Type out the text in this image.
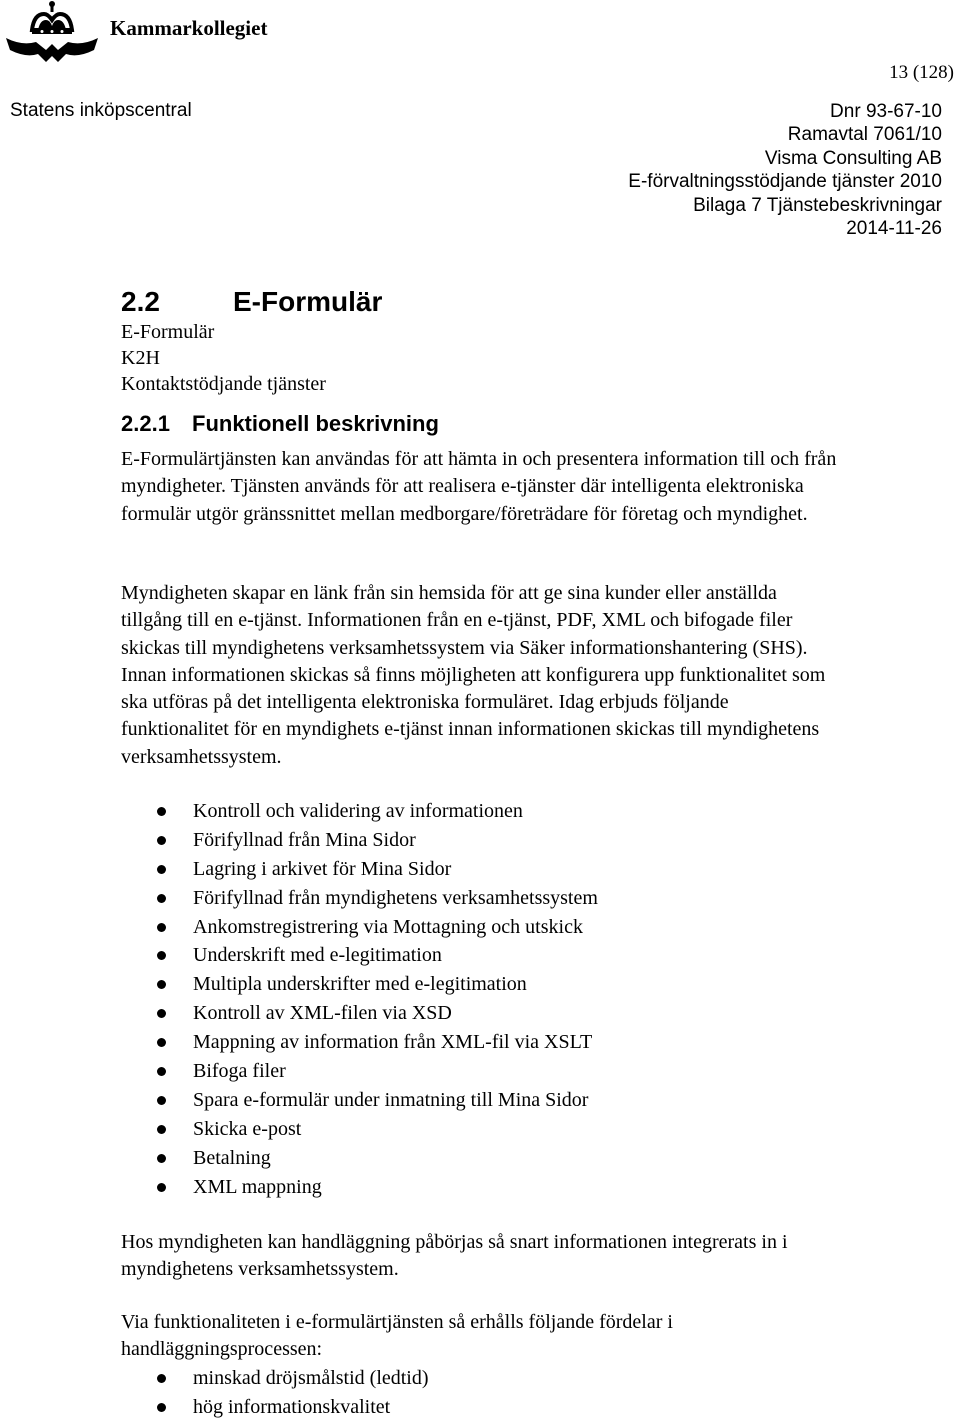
Kammarkollegiet
13 (128)
Statens inköpscentral	Dnr 93-67-10
Ramavtal 7061/10
Visma Consulting AB
E-förvaltningsstödjande tjänster 2010
Bilaga 7 Tjänstebeskrivningar
2014-11-26
2.2	E-Formulär
E-Formulär
K2H
Kontaktstödjande tjänster
2.2.1 Funktionell beskrivning
E-Formulärtjänsten kan användas för att hämta in och presentera information till och från myndigheter. Tjänsten används för att realisera e-tjänster där intelligenta elektroniska formulär utgör gränssnittet mellan medborgare/företrädare för företag och myndighet.
Myndigheten skapar en länk från sin hemsida för att ge sina kunder eller anställda tillgång till en e-tjänst. Informationen från en e-tjänst, PDF, XML och bifogade filer skickas till myndighetens verksamhetssystem via Säker informationshantering (SHS). Innan informationen skickas så finns möjligheten att konfigurera upp funktionalitet som ska utföras på det intelligenta elektroniska formuläret. Idag erbjuds följande funktionalitet för en myndighets e-tjänst innan informationen skickas till myndighetens verksamhetssystem.
Kontroll och validering av informationen
Förifyllnad från Mina Sidor
Lagring i arkivet för Mina Sidor
Förifyllnad från myndighetens verksamhetssystem
Ankomstregistrering via Mottagning och utskick
Underskrift med e-legitimation
Multipla underskrifter med e-legitimation
Kontroll av XML-filen via XSD
Mappning av information från XML-fil via XSLT
Bifoga filer
Spara e-formulär under inmatning till Mina Sidor
Skicka e-post
Betalning
XML mappning
Hos myndigheten kan handläggning påbörjas så snart informationen integrerats in i myndighetens verksamhetssystem.
Via funktionaliteten i e-formulärtjänsten så erhålls följande fördelar i handläggningsprocessen:
minskad dröjsmålstid (ledtid)
hög informationskvalitet
